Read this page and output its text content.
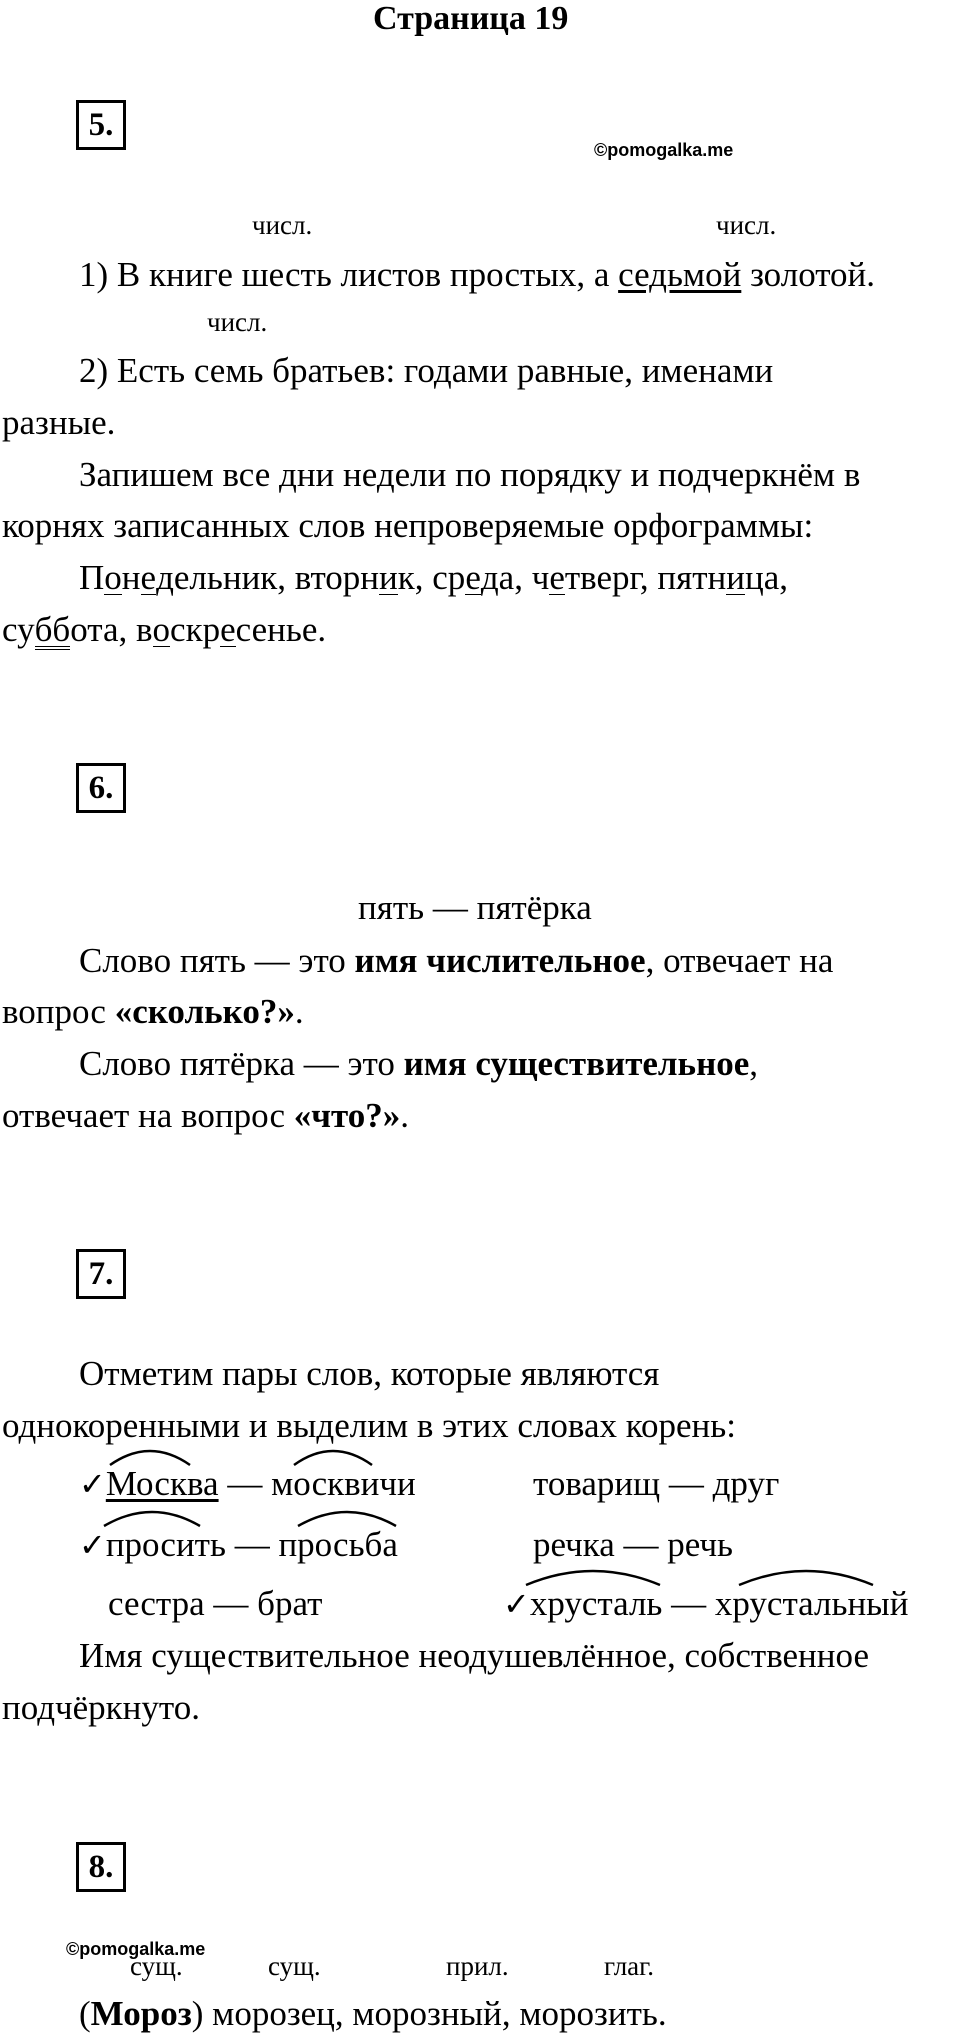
Страница 19
5.
©pomogalka.me
числ.	числ.
1) В книге шесть листов простых, а седьмой золотой.
числ.
2) Есть семь братьев: годами равные, именами
разные.
Запишем все дни недели по порядку и подчеркнём в
корнях записанных слов непроверяемые орфограммы:
Понедельник, вторник, среда, четверг, пятница,
суббота, воскресенье.
6.
пять — пятёрка
Слово пять — это имя числительное, отвечает на
вопрос «сколько?».
Слово пятёрка — это имя существительное,
отвечает на вопрос «что?».
7.
Отметим пары слов, которые являются
однокоренными и выделим в этих словах корень:
✓Москва — москвичи	товарищ — друг
✓просить — просьба	речка — речь
сестра — брат	✓хрусталь — хрустальный
Имя существительное неодушевлённое, собственное
подчёркнуто.
8.
©pomogalka.me
сущ.	сущ.	прил.	глаг.
(Мороз) морозец, морозный, морозить.
